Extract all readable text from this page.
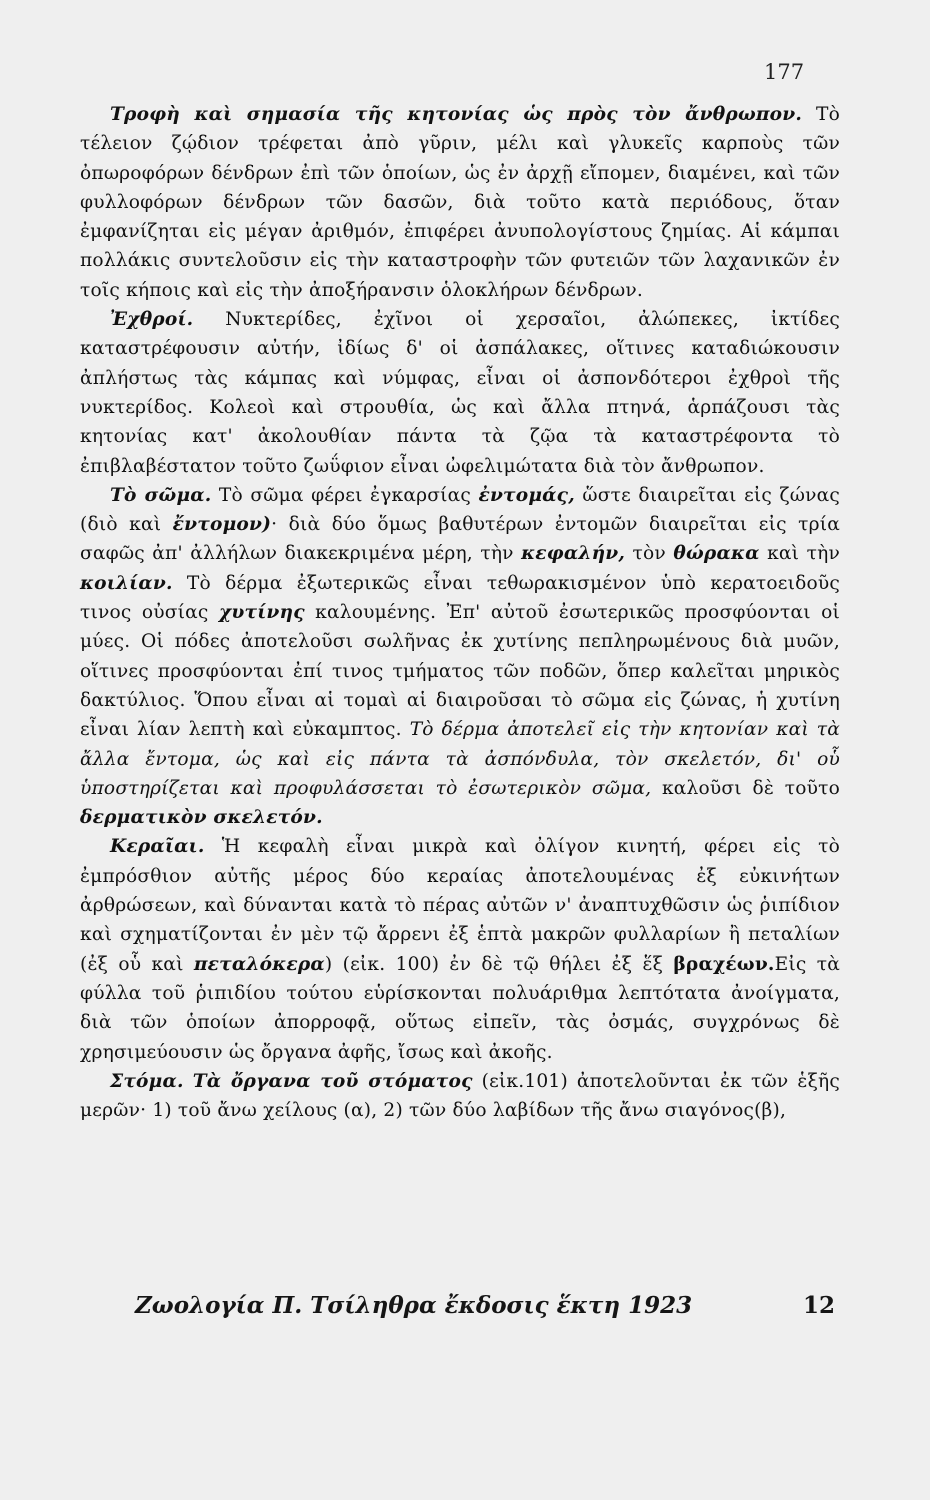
177

Τροφὴ καὶ σημασία τῆς κητονίας ὡς πρὸς τὸν ἄνθρωπον. Τὸ τέλειον ζῴδιον τρέφεται ἀπὸ γῦριν, μέλι καὶ γλυκεῖς καρποὺς τῶν ὀπωροφόρων δένδρων ἐπὶ τῶν ὁποίων, ὡς ἐν ἀρχῇ εἴπομεν, διαμένει, καὶ τῶν φυλλοφόρων δένδρων τῶν δασῶν, διὰ τοῦτο κατὰ περιόδους, ὅταν ἐμφανίζηται εἰς μέγαν ἀριθμόν, ἐπιφέρει ἀνυπολογίστους ζημίας. Αἱ κάμπαι πολλάκις συντελοῦσιν εἰς τὴν καταστροφὴν τῶν φυτειῶν τῶν λαχανικῶν ἐν τοῖς κήποις καὶ εἰς τὴν ἀποξήρανσιν ὁλοκλήρων δένδρων.

Ἐχθροί. Νυκτερίδες, ἐχῖνοι οἱ χερσαῖοι, ἀλώπεκες, ἰκτίδες καταστρέφουσιν αὐτήν, ἰδίως δ' οἱ ἀσπάλακες, οἵτινες καταδιώκουσιν ἀπλήστως τὰς κάμπας καὶ νύμφας, εἶναι οἱ ἀσπονδότεροι ἐχθροὶ τῆς νυκτερίδος. Κολεοὶ καὶ στρουθία, ὡς καὶ ἄλλα πτηνά, ἁρπάζουσι τὰς κητονίας κατ' ἀκολουθίαν πάντα τὰ ζῷα τὰ καταστρέφοντα τὸ ἐπιβλαβέστατον τοῦτο ζωΰφιον εἶναι ὠφελιμώτατα διὰ τὸν ἄνθρωπον.

Τὸ σῶμα. Τὸ σῶμα φέρει ἐγκαρσίας ἐντομάς, ὥστε διαιρεῖται εἰς ζώνας (διὸ καὶ ἔντομον)· διὰ δύο ὅμως βαθυτέρων ἐντομῶν διαιρεῖται εἰς τρία σαφῶς ἀπ' ἀλλήλων διακεκριμένα μέρη, τὴν κεφαλήν, τὸν θώρακα καὶ τὴν κοιλίαν. Τὸ δέρμα ἐξωτερικῶς εἶναι τεθωρακισμένον ὑπὸ κερατοειδοῦς τινος οὐσίας χυτίνης καλουμένης. Ἐπ' αὐτοῦ ἐσωτερικῶς προσφύονται οἱ μύες. Οἱ πόδες ἀποτελοῦσι σωλῆνας ἐκ χυτίνης πεπληρωμένους διὰ μυῶν, οἵτινες προσφύονται ἐπί τινος τμήματος τῶν ποδῶν, ὅπερ καλεῖται μηρικὸς δακτύλιος. Ὅπου εἶναι αἱ τομαὶ αἱ διαιροῦσαι τὸ σῶμα εἰς ζώνας, ἡ χυτίνη εἶναι λίαν λεπτὴ καὶ εὐκαμπτος. Τὸ δέρμα ἀποτελεῖ εἰς τὴν κητονίαν καὶ τὰ ἄλλα ἔντομα, ὡς καὶ εἰς πάντα τὰ ἀσπόνδυλα, τὸν σκελετόν, δι' οὗ ὑποστηρίζεται καὶ προφυλάσσεται τὸ ἐσωτερικὸν σῶμα, καλοῦσι δὲ τοῦτο δερματικὸν σκελετόν.

Κεραῖαι. Ἡ κεφαλὴ εἶναι μικρὰ καὶ ὀλίγον κινητή, φέρει εἰς τὸ ἐμπρόσθιον αὐτῆς μέρος δύο κεραίας ἀποτελουμένας ἐξ εὐκινήτων ἀρθρώσεων, καὶ δύνανται κατὰ τὸ πέρας αὐτῶν ν' ἀναπτυχθῶσιν ὡς ῥιπίδιον καὶ σχηματίζονται ἐν μὲν τῷ ἄρρενι ἐξ ἑπτὰ μακρῶν φυλλαρίων ἢ πεταλίων (ἐξ οὗ καὶ πεταλόκερα) (εἰκ. 100) ἐν δὲ τῷ θήλει ἐξ ἕξ βραχέων.Εἰς τὰ φύλλα τοῦ ῥιπιδίου τούτου εὑρίσκονται πολυάριθμα λεπτότατα ἀνοίγματα, διὰ τῶν ὁποίων ἀπορροφᾷ, οὕτως εἰπεῖν, τὰς ὀσμάς, συγχρόνως δὲ χρησιμεύουσιν ὡς ὄργανα ἀφῆς, ἴσως καὶ ἀκοῆς.

Στόμα. Τὰ ὄργανα τοῦ στόματος (εἰκ.101) ἀποτελοῦνται ἐκ τῶν ἑξῆς μερῶν· 1) τοῦ ἄνω χείλους (α), 2) τῶν δύο λαβίδων τῆς ἄνω σιαγόνος(β),

Ζωολογία Π. Τσίληθρα ἔκδοσις ἕκτη 1923	12
